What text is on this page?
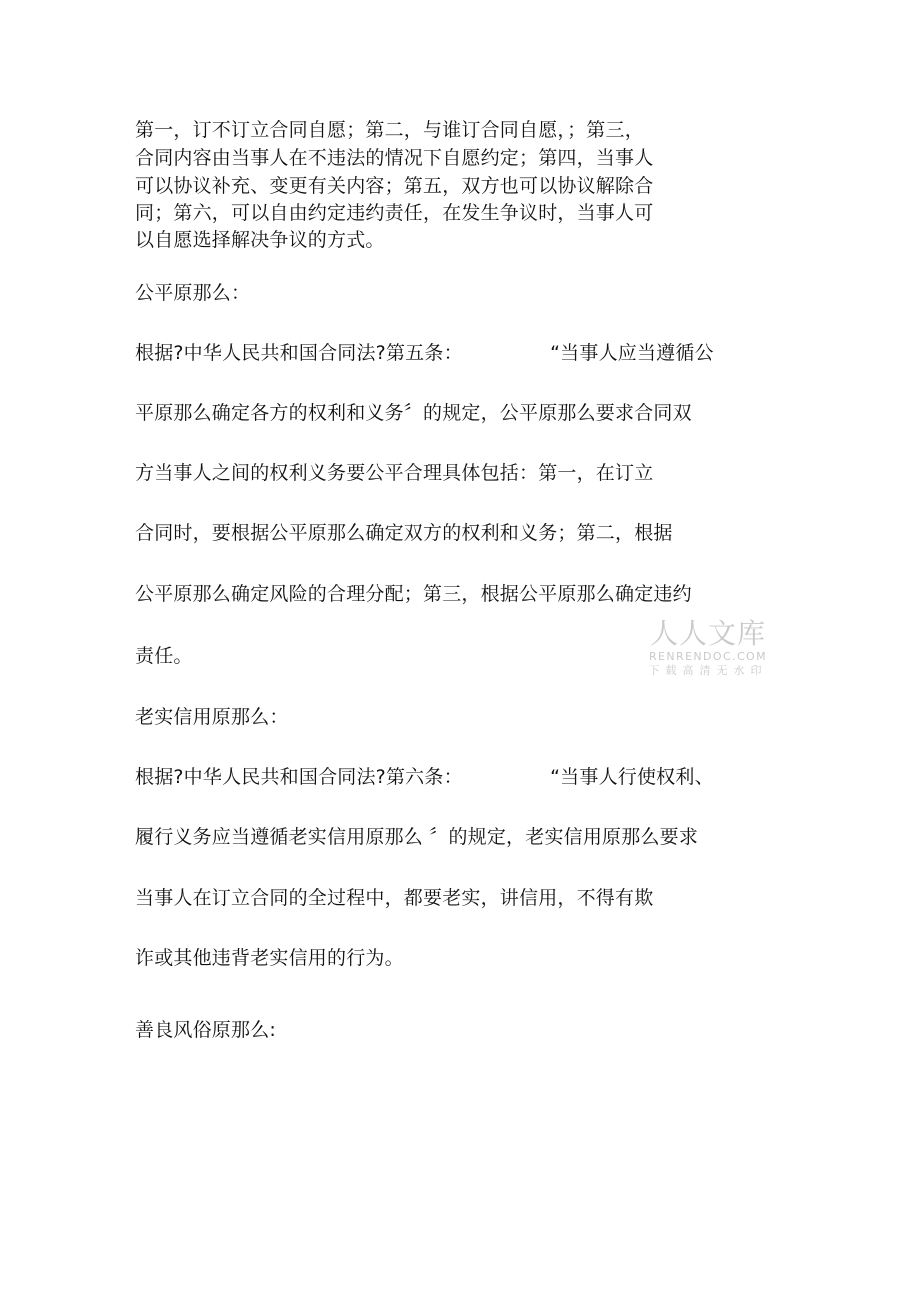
第一，订不订立合同自愿；第二，与谁订合同自愿，；第三，
合同内容由当事人在不违法的情况下自愿约定；第四，当事人
可以协议补充、变更有关内容；第五，双方也可以协议解除合
同；第六，可以自由约定违约责任，在发生争议时，当事人可
以自愿选择解决争议的方式。
公平原那么：
根据?中华人民共和国合同法?第五条：              “当事人应当遵循公
平原那么确定各方的权利和义务〞的规定，公平原那么要求合同双
方当事人之间的权利义务要公平合理具体包括：第一，在订立
合同时，要根据公平原那么确定双方的权利和义务；第二，根据
公平原那么确定风险的合理分配；第三，根据公平原那么确定违约
责任。
老实信用原那么：
根据?中华人民共和国合同法?第六条：              “当事人行使权利、
履行义务应当遵循老实信用原那么 〞的规定，老实信用原那么要求
当事人在订立合同的全过程中，都要老实，讲信用，不得有欺
诈或其他违背老实信用的行为。
善良风俗原那么:
人人文库
RENRENDOC.COM
下载高清无水印
